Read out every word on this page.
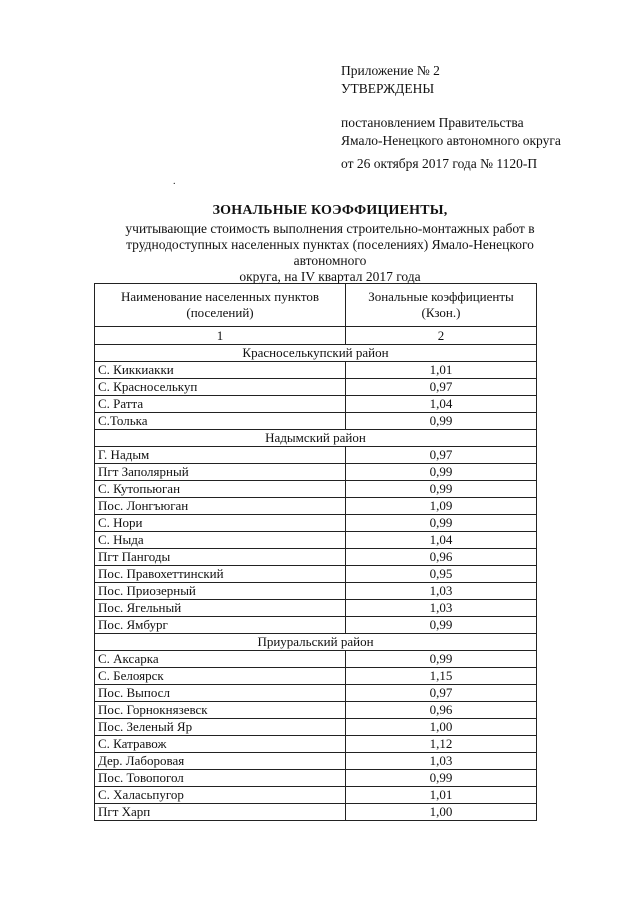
Приложение № 2
УТВЕРЖДЕНЫ
постановлением Правительства
Ямало-Ненецкого автономного округа
от 26 октября 2017 года № 1120-П
.
ЗОНАЛЬНЫЕ КОЭФФИЦИЕНТЫ,
учитывающие стоимость выполнения строительно-монтажных работ в
труднодоступных населенных пунктах (поселениях) Ямало-Ненецкого автономного
округа, на IV квартал 2017 года
Наименование населенных пунктов (поселений)	Зональные коэффициенты (Кзон.)
1	2
Красноселькупский район	
С. Киккиакки	1,01
С. Красноселькуп	0,97
С. Ратта	1,04
С.Толька	0,99
Надымский район	
Г. Надым	0,97
Пгт Заполярный	0,99
С. Кутопьюган	0,99
Пос. Лонгъюган	1,09
С. Нори	0,99
С. Ныда	1,04
Пгт Пангоды	0,96
Пос. Правохеттинский	0,95
Пос. Приозерный	1,03
Пос. Ягельный	1,03
Пос. Ямбург	0,99
Приуральский район	
С. Аксарка	0,99
С. Белоярск	1,15
Пос. Выпосл	0,97
Пос. Горнокнязевск	0,96
Пос. Зеленый Яр	1,00
С. Катравож	1,12
Дер. Лаборовая	1,03
Пос. Товопогол	0,99
С. Халасьпугор	1,01
Пгт Харп	1,00
